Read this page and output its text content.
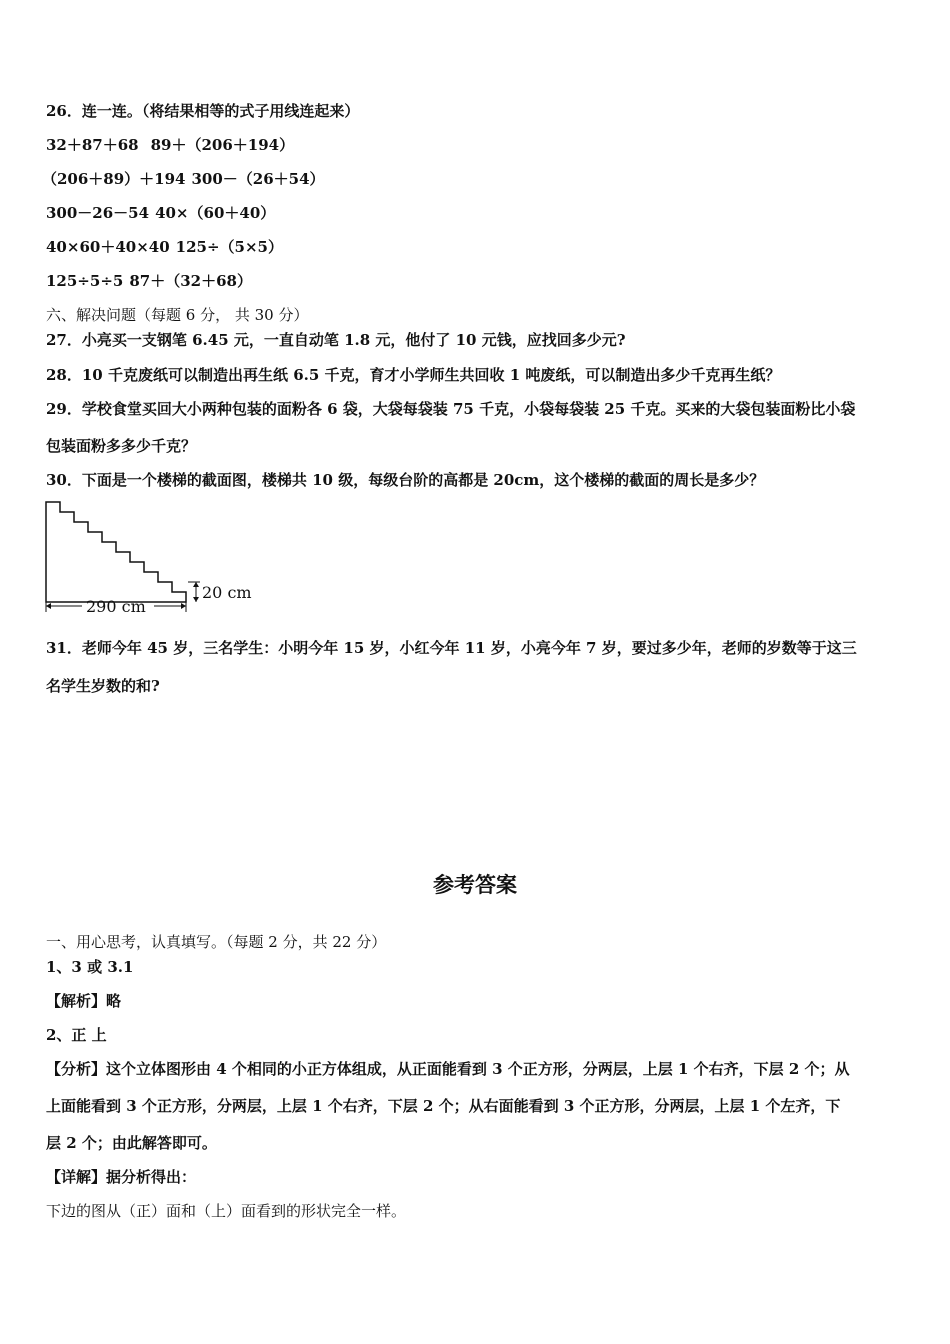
26．连一连。（将结果相等的式子用线连起来）
32＋87＋68 89＋（206＋194）
（206＋89）＋194 300－（26＋54）
300－26－54 40×（60＋40）
40×60＋40×40 125÷（5×5）
125÷5÷5 87＋（32＋68）
六、解决问题（每题 6 分， 共 30 分）
27．小亮买一支钢笔 6.45 元，一直自动笔 1.8 元，他付了 10 元钱，应找回多少元?
28．10 千克废纸可以制造出再生纸 6.5 千克，育才小学师生共回收 1 吨废纸，可以制造出多少千克再生纸？
29．学校食堂买回大小两种包装的面粉各 6 袋，大袋每袋装 75 千克，小袋每袋装 25 千克。买来的大袋包装面粉比小袋
包装面粉多多少千克？
30．下面是一个楼梯的截面图，楼梯共 10 级，每级台阶的高都是 20cm，这个楼梯的截面的周长是多少？
20 cm
290 cm
31．老师今年 45 岁，三名学生：小明今年 15 岁，小红今年 11 岁，小亮今年 7 岁，要过多少年，老师的岁数等于这三
名学生岁数的和?
参考答案
一、用心思考，认真填写。（每题 2 分，共 22 分）
1、3 或 3.1
【解析】略
2、正 上
【分析】这个立体图形由 4 个相同的小正方体组成，从正面能看到 3 个正方形，分两层，上层 1 个右齐，下层 2 个；从
上面能看到 3 个正方形，分两层，上层 1 个右齐，下层 2 个；从右面能看到 3 个正方形，分两层，上层 1 个左齐，下
层 2 个；由此解答即可。
【详解】据分析得出：
下边的图从（正）面和（上）面看到的形状完全一样。
